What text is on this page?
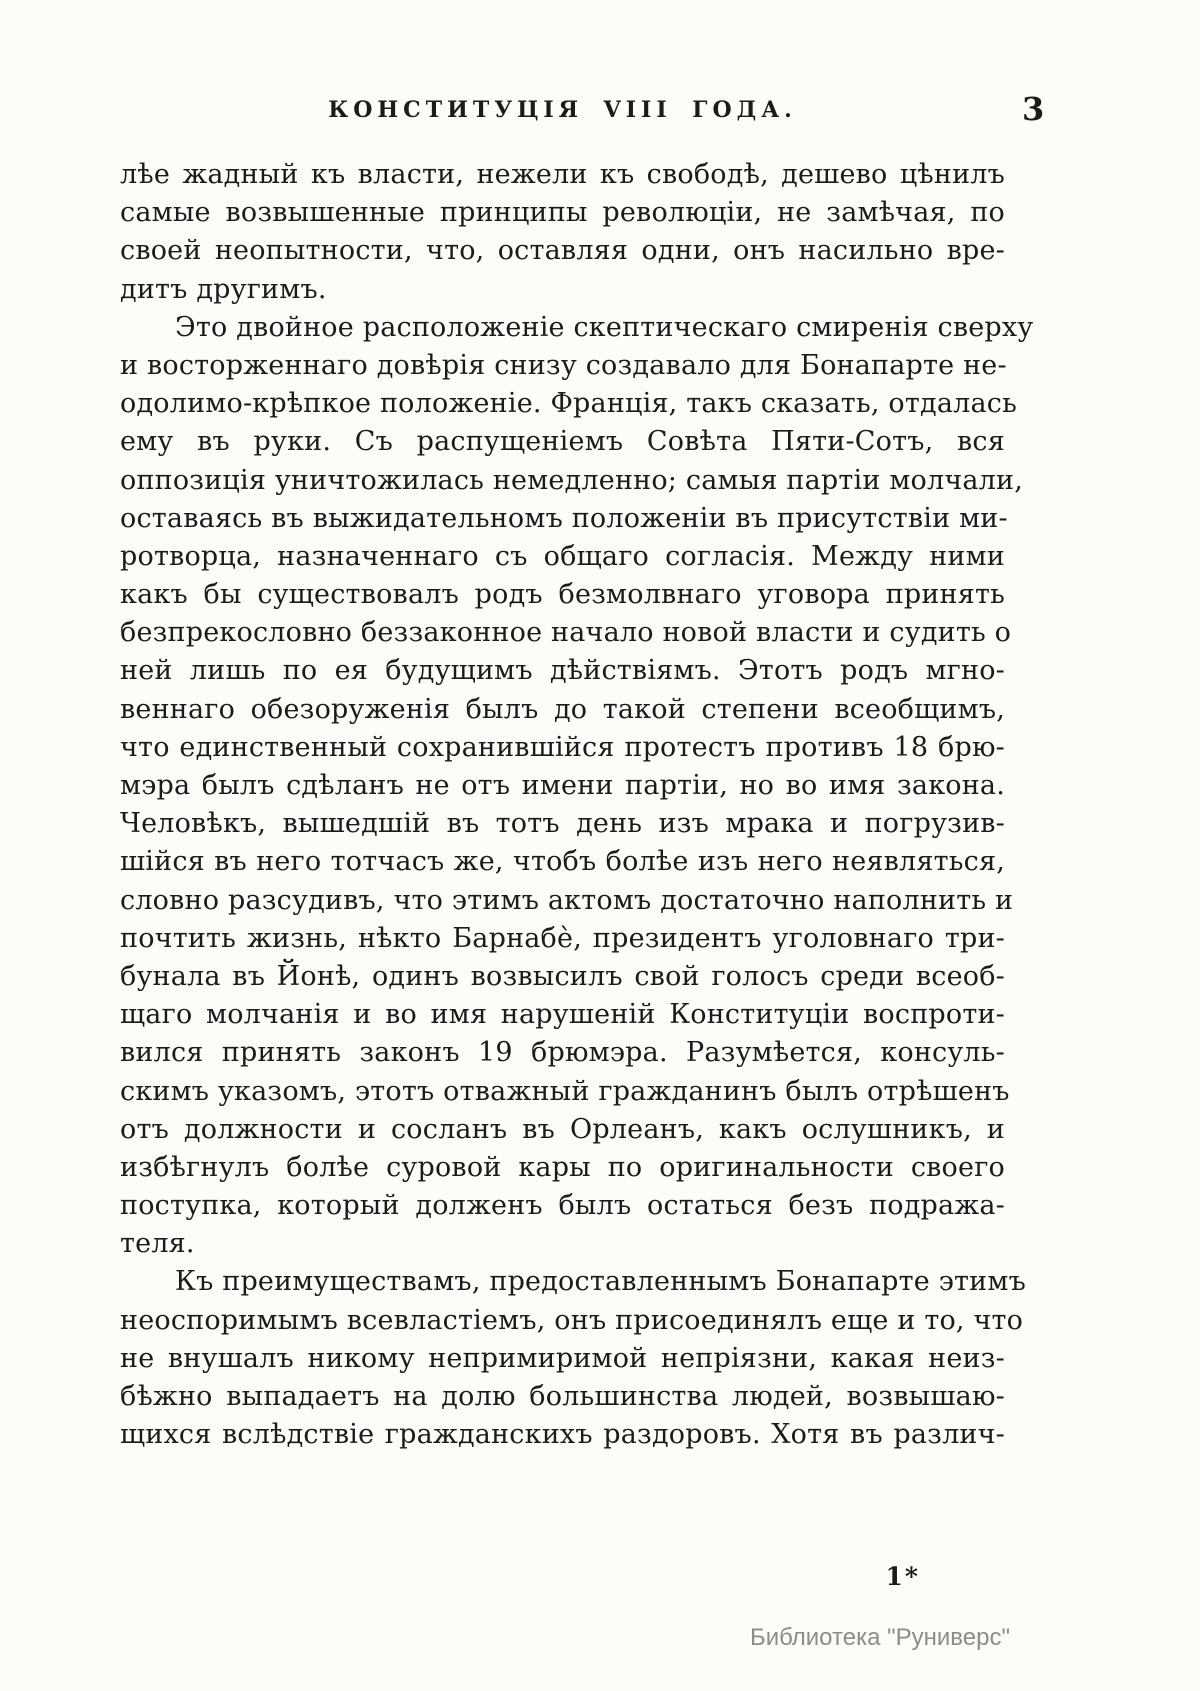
КОНСТИТУЦІЯ VIII ГОДА.	3
лѣе жадный къ власти, нежели къ свободѣ, дешево цѣнилъ
самые возвышенные принципы революціи, не замѣчая, по
своей неопытности, что, оставляя одни, онъ насильно вре-
дитъ другимъ.
Это двойное расположеніе скептическаго смиренія сверху
и восторженнаго довѣрія снизу создавало для Бонапарте не-
одолимо-крѣпкое положеніе. Франція, такъ сказать, отдалась
ему въ руки. Съ распущеніемъ Совѣта Пяти-Сотъ, вся
оппозиція уничтожилась немедленно; самыя партіи молчали,
оставаясь въ выжидательномъ положеніи въ присутствіи ми-
ротворца, назначеннаго съ общаго согласія. Между ними
какъ бы существовалъ родъ безмолвнаго уговора принять
безпрекословно беззаконное начало новой власти и судить о
ней лишь по ея будущимъ дѣйствіямъ. Этотъ родъ мгно-
веннаго обезоруженія былъ до такой степени всеобщимъ,
что единственный сохранившійся протестъ противъ 18 брю-
мэра былъ сдѣланъ не отъ имени партіи, но во имя закона.
Человѣкъ, вышедшій въ тотъ день изъ мрака и погрузив-
шійся въ него тотчасъ же, чтобъ болѣе изъ него неявляться,
словно разсудивъ, что этимъ актомъ достаточно наполнить и
почтить жизнь, нѣкто Барнабѐ, президентъ уголовнаго три-
бунала въ Йонѣ, одинъ возвысилъ свой голосъ среди всеоб-
щаго молчанія и во имя нарушеній Конституціи воспроти-
вился принять законъ 19 брюмэра. Разумѣется, консуль-
скимъ указомъ, этотъ отважный гражданинъ былъ отрѣшенъ
отъ должности и сосланъ въ Орлеанъ, какъ ослушникъ, и
избѣгнулъ болѣе суровой кары по оригинальности своего
поступка, который долженъ былъ остаться безъ подража-
теля.
Къ преимуществамъ, предоставленнымъ Бонапарте этимъ
неоспоримымъ всевластіемъ, онъ присоединялъ еще и то, что
не внушалъ никому непримиримой непріязни, какая неиз-
бѣжно выпадаетъ на долю большинства людей, возвышаю-
щихся вслѣдствіе гражданскихъ раздоровъ. Хотя въ различ-
1*
Библиотека "Руниверс"
